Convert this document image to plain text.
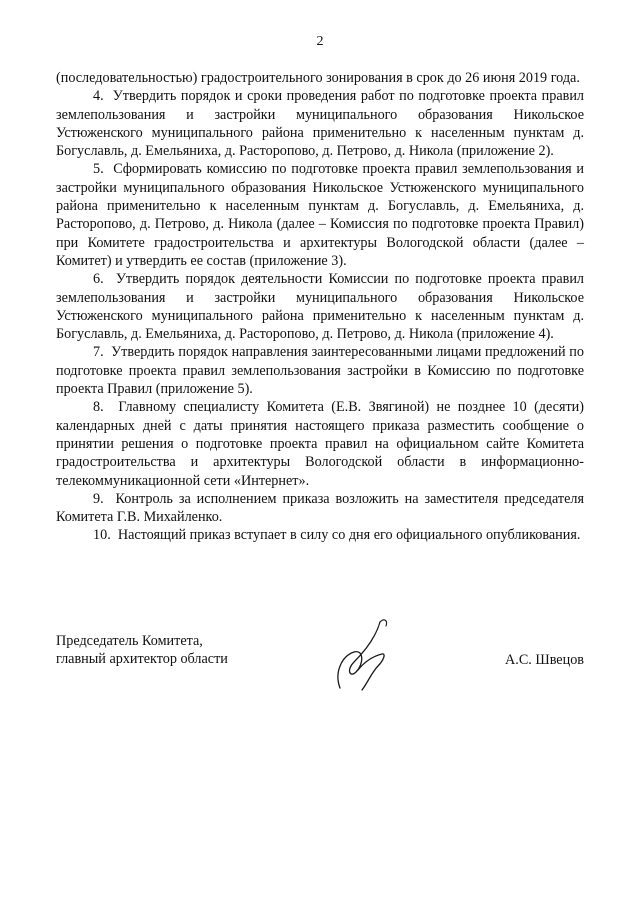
2

(последовательностью) градостроительного зонирования в срок до 26 июня 2019 года.

4. Утвердить порядок и сроки проведения работ по подготовке проекта правил землепользования и застройки муниципального образования Никольское Устюженского муниципального района применительно к населенным пунктам д. Богуславль, д. Емельяниха, д. Расторопово, д. Петрово, д. Никола (приложение 2).

5. Сформировать комиссию по подготовке проекта правил землепользования и застройки муниципального образования Никольское Устюженского муниципального района применительно к населенным пунктам д. Богуславль, д. Емельяниха, д. Расторопово, д. Петрово, д. Никола (далее – Комиссия по подготовке проекта Правил) при Комитете градостроительства и архитектуры Вологодской области (далее – Комитет) и утвердить ее состав (приложение 3).

6. Утвердить порядок деятельности Комиссии по подготовке проекта правил землепользования и застройки муниципального образования Никольское Устюженского муниципального района применительно к населенным пунктам д. Богуславль, д. Емельяниха, д. Расторопово, д. Петрово, д. Никола (приложение 4).

7. Утвердить порядок направления заинтересованными лицами предложений по подготовке проекта правил землепользования застройки в Комиссию по подготовке проекта Правил (приложение 5).

8. Главному специалисту Комитета (Е.В. Звягиной) не позднее 10 (десяти) календарных дней с даты принятия настоящего приказа разместить сообщение о принятии решения о подготовке проекта правил на официальном сайте Комитета градостроительства и архитектуры Вологодской области в информационно-телекоммуникационной сети «Интернет».

9. Контроль за исполнением приказа возложить на заместителя председателя Комитета Г.В. Михайленко.

10. Настоящий приказ вступает в силу со дня его официального опубликования.

Председатель Комитета,
главный архитектор области	А.С. Швецов
